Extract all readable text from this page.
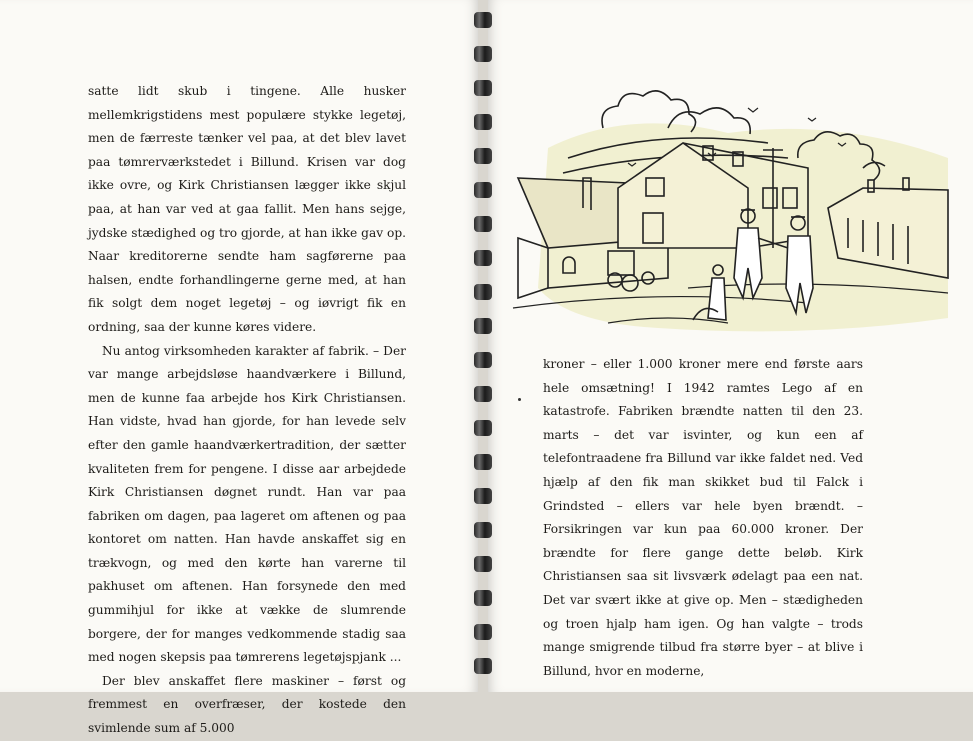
satte lidt skub i tingene. Alle husker mellemkrigstidens mest populære stykke legetøj, men de færreste tænker vel paa, at det blev lavet paa tømrerværkstedet i Billund. Krisen var dog ikke ovre, og Kirk Christiansen lægger ikke skjul paa, at han var ved at gaa fallit. Men hans sejge, jydske stædighed og tro gjorde, at han ikke gav op. Naar kreditorerne sendte ham sagførerne paa halsen, endte forhandlingerne gerne med, at han fik solgt dem noget legetøj – og iøvrigt fik en ordning, saa der kunne køres videre.

Nu antog virksomheden karakter af fabrik. – Der var mange arbejdsløse haandværkere i Billund, men de kunne faa arbejde hos Kirk Christiansen. Han vidste, hvad han gjorde, for han levede selv efter den gamle haandværkertradition, der sætter kvaliteten frem for pengene. I disse aar arbejdede Kirk Christiansen døgnet rundt. Han var paa fabriken om dagen, paa lageret om aftenen og paa kontoret om natten. Han havde anskaffet sig en trækvogn, og med den kørte han varerne til pakhuset om aftenen. Han forsynede den med gummihjul for ikke at vække de slumrende borgere, der for manges vedkommende stadig saa med nogen skepsis paa tømrerens legetøjspjank ...

Der blev anskaffet flere maskiner – først og fremmest en overfræser, der kostede den svimlende sum af 5.000

kroner – eller 1.000 kroner mere end første aars hele omsætning! I 1942 ramtes Lego af en katastrofe. Fabriken brændte natten til den 23. marts – det var isvinter, og kun een af telefontraadene fra Billund var ikke faldet ned. Ved hjælp af den fik man skikket bud til Falck i Grindsted – ellers var hele byen brændt. – Forsikringen var kun paa 60.000 kroner. Der brændte for flere gange dette beløb. Kirk Christiansen saa sit livsværk ødelagt paa een nat. Det var svært ikke at give op. Men – stædigheden og troen hjalp ham igen. Og han valgte – trods mange smigrende tilbud fra større byer – at blive i Billund, hvor en moderne,
